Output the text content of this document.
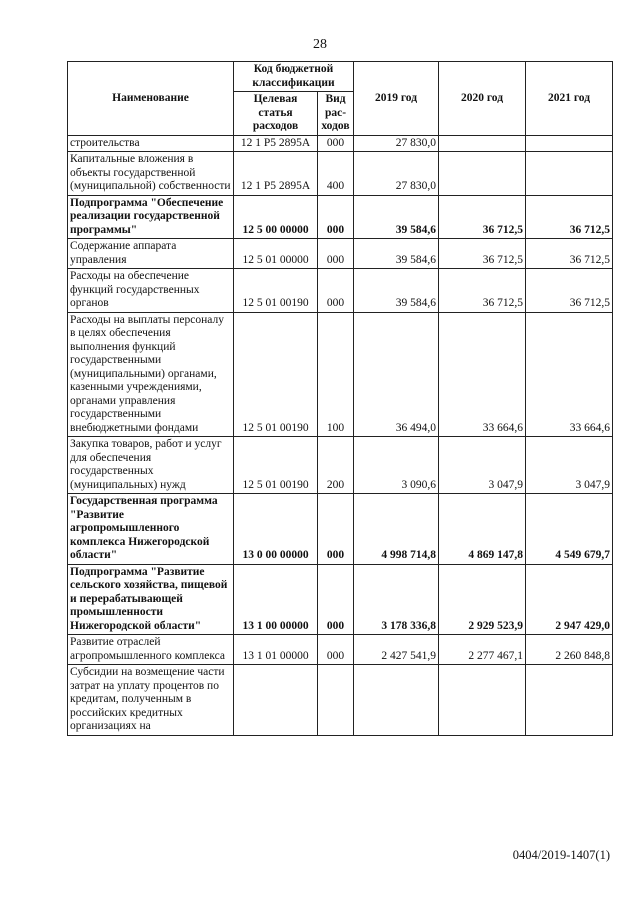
28
Наименование	Код бюджетной классификации		2019 год	2020 год	2021 год
	Целевая статья расходов	Вид рас-ходов			
строительства	12 1 P5 2895A	000	27 830,0		
Капитальные вложения в объекты государственной (муниципальной) собственности	12 1 P5 2895A	400	27 830,0		
Подпрограмма "Обеспечение реализации государственной программы"	12 5 00 00000	000	39 584,6	36 712,5	36 712,5
Содержание аппарата управления	12 5 01 00000	000	39 584,6	36 712,5	36 712,5
Расходы на обеспечение функций государственных органов	12 5 01 00190	000	39 584,6	36 712,5	36 712,5
Расходы на выплаты персоналу в целях обеспечения выполнения функций государственными (муниципальными) органами, казенными учреждениями, органами управления государственными внебюджетными фондами	12 5 01 00190	100	36 494,0	33 664,6	33 664,6
Закупка товаров, работ и услуг для обеспечения государственных (муниципальных) нужд	12 5 01 00190	200	3 090,6	3 047,9	3 047,9
Государственная программа "Развитие агропромышленного комплекса Нижегородской области"	13 0 00 00000	000	4 998 714,8	4 869 147,8	4 549 679,7
Подпрограмма "Развитие сельского хозяйства, пищевой и перерабатывающей промышленности Нижегородской области"	13 1 00 00000	000	3 178 336,8	2 929 523,9	2 947 429,0
Развитие отраслей агропромышленного комплекса	13 1 01 00000	000	2 427 541,9	2 277 467,1	2 260 848,8
Субсидии на возмещение части затрат на уплату процентов по кредитам, полученным в российских кредитных организациях на					
0404/2019-1407(1)
